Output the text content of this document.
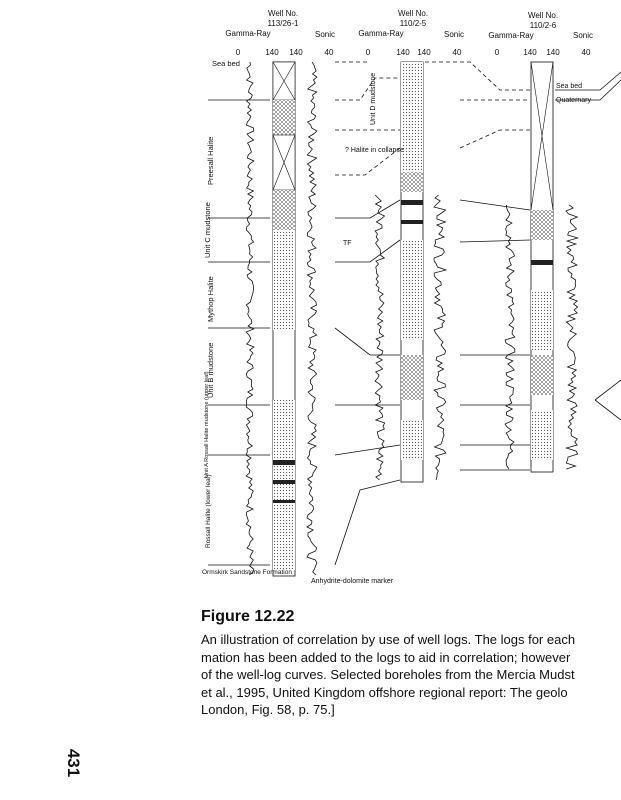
Well No.
113/26-1
Gamma-Ray	Sonic
0	140 140	40
Well No.
110/2-5
Gamma-Ray	Sonic
0	140 140	40
Well No.
110/2-6
Gamma-Ray	Sonic
0	140 140	40
Sea bed
Preesall Halite
Unit C mudstone
Mythop Halite
Unit B mudstone
Unit A Rossall Halite mudstone (upper leaf)
Rossall Halite (lower leaf)
Ormskirk Sandstone Formation
Unit D mudstone
? Halite in collapse
TF
Sea bed
Quaternary
Anhydrite-dolomite marker
Figure 12.22

An illustration of correlation by use of well logs. The logs for each
mation has been added to the logs to aid in correlation; however
of the well-log curves. Selected boreholes from the Mercia Mudst
et al., 1995, United Kingdom offshore regional report: The geolo
London, Fig. 58, p. 75.]

431
